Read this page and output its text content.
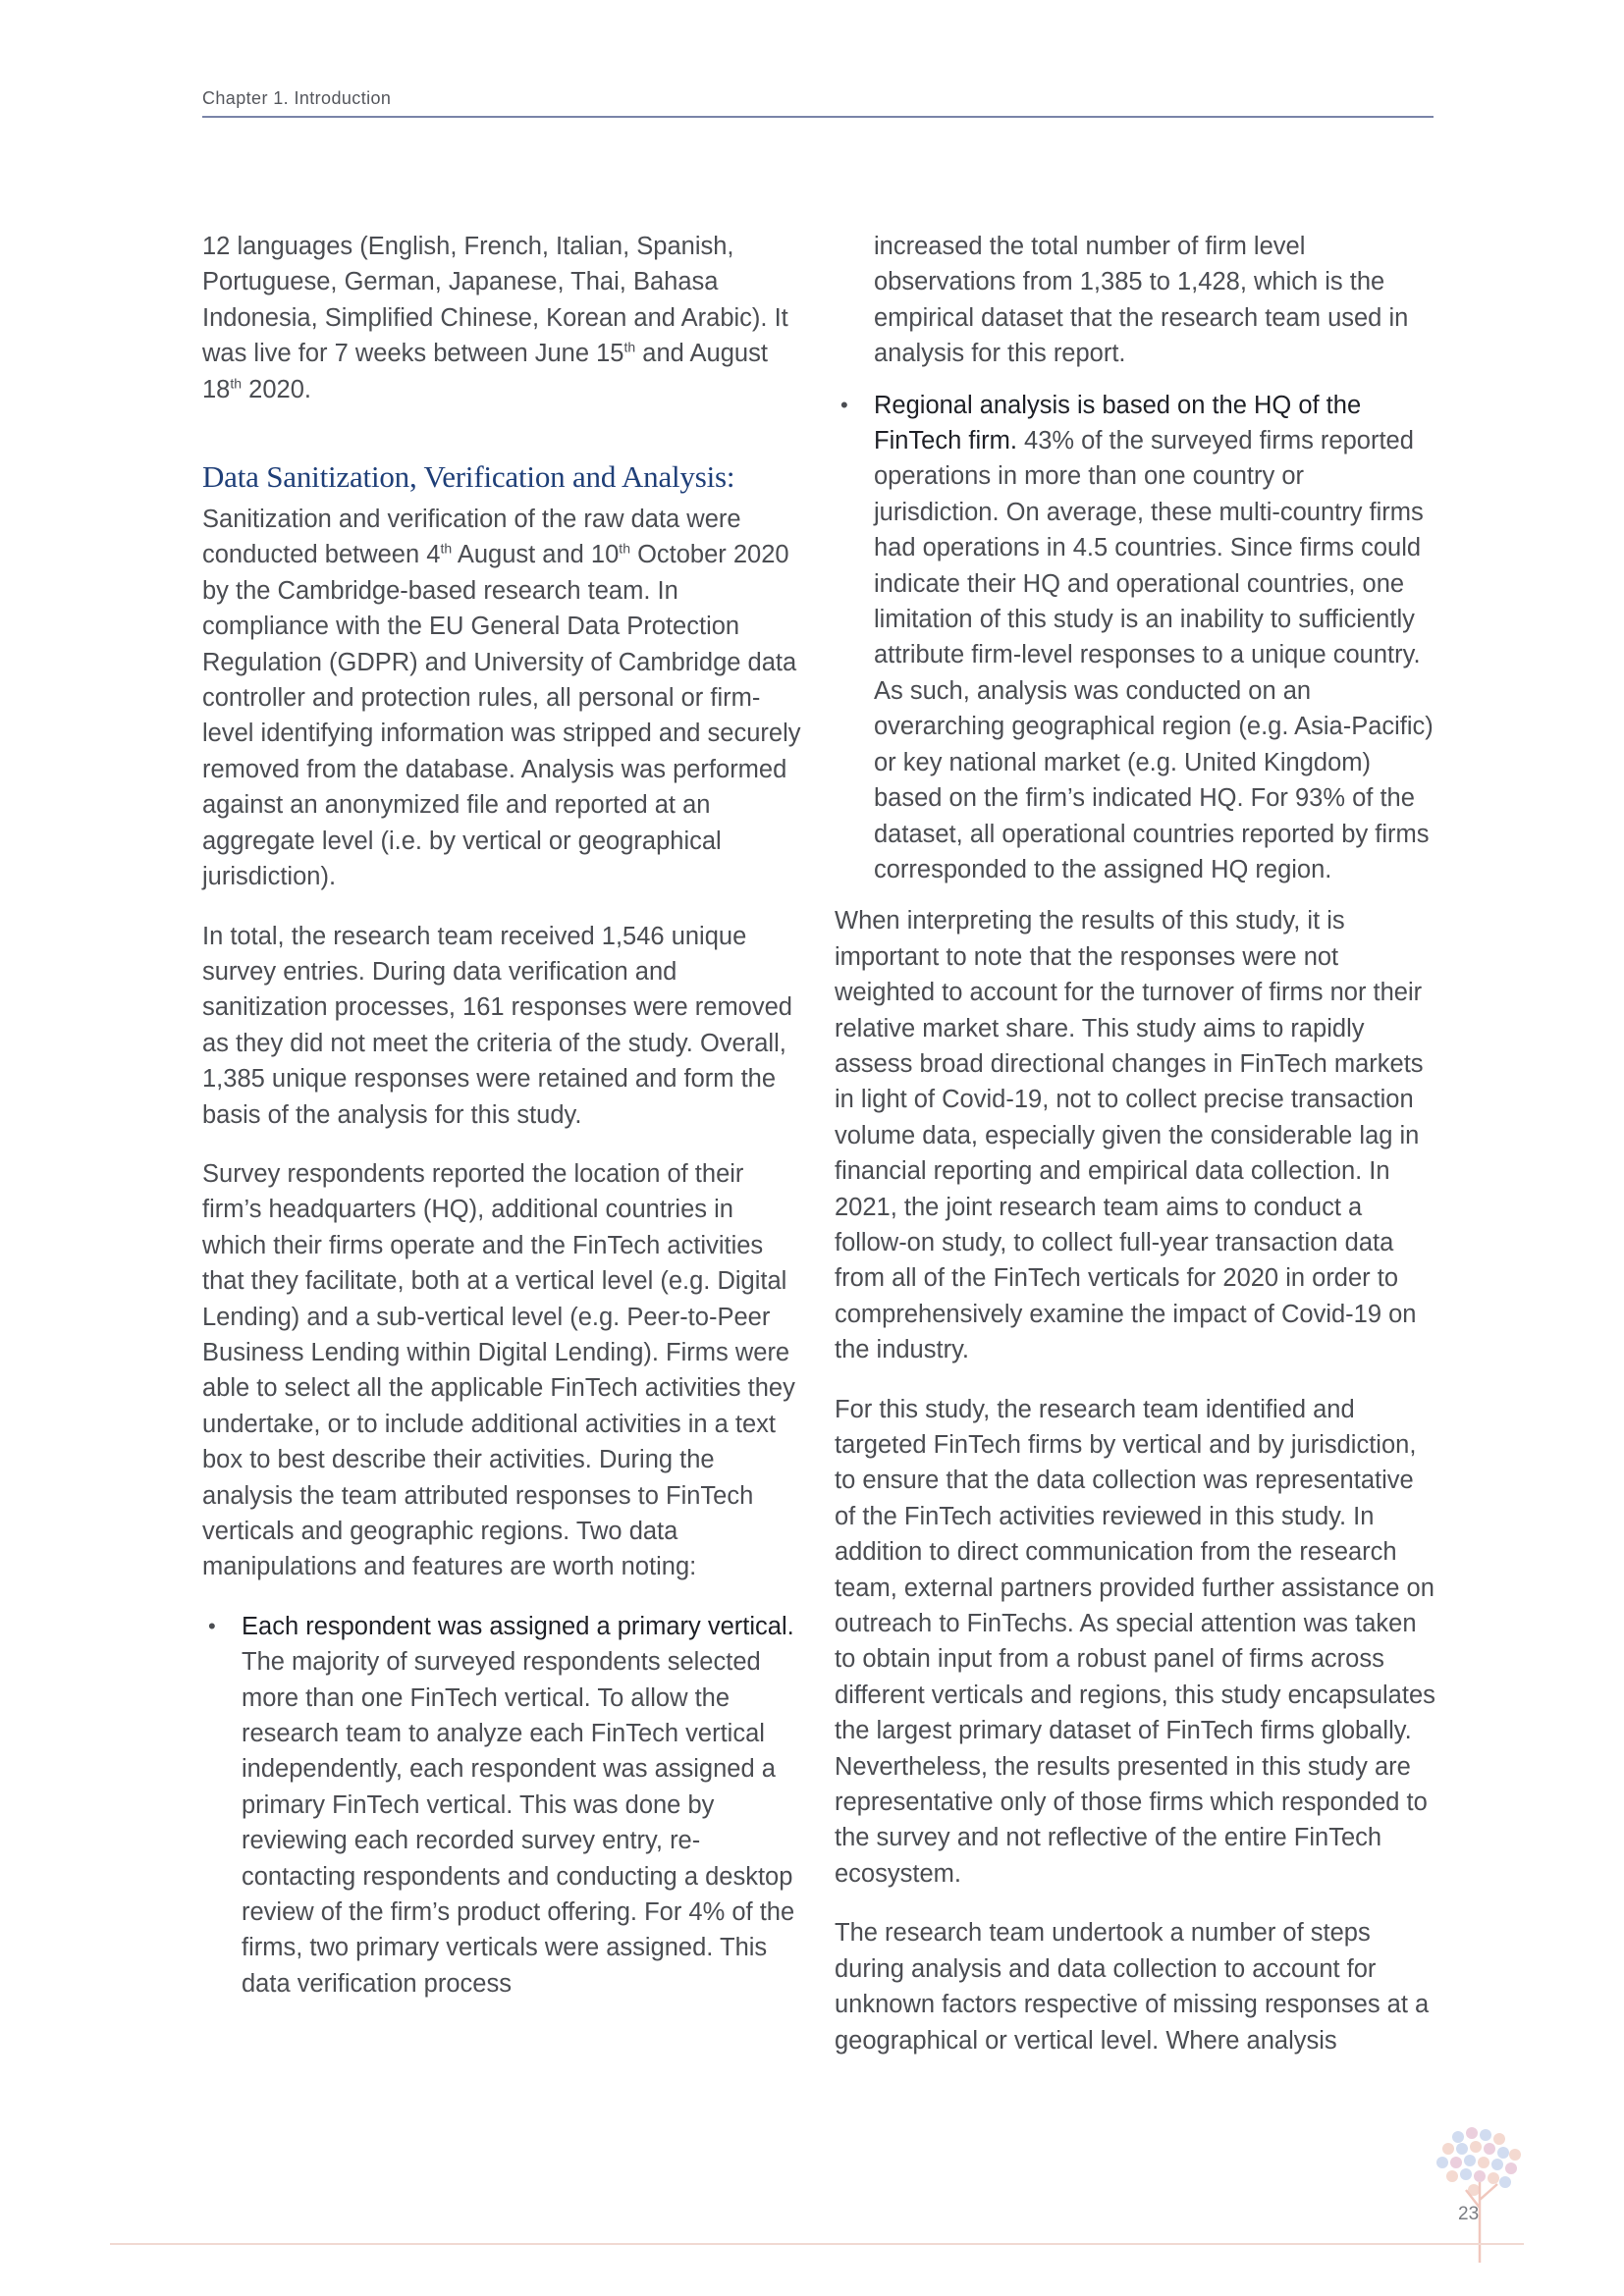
Chapter 1. Introduction

12 languages (English, French, Italian, Spanish, Portuguese, German, Japanese, Thai, Bahasa Indonesia, Simplified Chinese, Korean and Arabic). It was live for 7 weeks between June 15th and August 18th 2020.

Data Sanitization, Verification and Analysis:

Sanitization and verification of the raw data were conducted between 4th August and 10th October 2020 by the Cambridge-based research team. In compliance with the EU General Data Protection Regulation (GDPR) and University of Cambridge data controller and protection rules, all personal or firm-level identifying information was stripped and securely removed from the database. Analysis was performed against an anonymized file and reported at an aggregate level (i.e. by vertical or geographical jurisdiction).

In total, the research team received 1,546 unique survey entries. During data verification and sanitization processes, 161 responses were removed as they did not meet the criteria of the study. Overall, 1,385 unique responses were retained and form the basis of the analysis for this study.

Survey respondents reported the location of their firm’s headquarters (HQ), additional countries in which their firms operate and the FinTech activities that they facilitate, both at a vertical level (e.g. Digital Lending) and a sub-vertical level (e.g. Peer-to-Peer Business Lending within Digital Lending). Firms were able to select all the applicable FinTech activities they undertake, or to include additional activities in a text box to best describe their activities. During the analysis the team attributed responses to FinTech verticals and geographic regions. Two data manipulations and features are worth noting:

• Each respondent was assigned a primary vertical. The majority of surveyed respondents selected more than one FinTech vertical. To allow the research team to analyze each FinTech vertical independently, each respondent was assigned a primary FinTech vertical. This was done by reviewing each recorded survey entry, re-contacting respondents and conducting a desktop review of the firm’s product offering. For 4% of the firms, two primary verticals were assigned. This data verification process

increased the total number of firm level observations from 1,385 to 1,428, which is the empirical dataset that the research team used in analysis for this report.

• Regional analysis is based on the HQ of the FinTech firm. 43% of the surveyed firms reported operations in more than one country or jurisdiction. On average, these multi-country firms had operations in 4.5 countries. Since firms could indicate their HQ and operational countries, one limitation of this study is an inability to sufficiently attribute firm-level responses to a unique country. As such, analysis was conducted on an overarching geographical region (e.g. Asia-Pacific) or key national market (e.g. United Kingdom) based on the firm’s indicated HQ. For 93% of the dataset, all operational countries reported by firms corresponded to the assigned HQ region.

When interpreting the results of this study, it is important to note that the responses were not weighted to account for the turnover of firms nor their relative market share. This study aims to rapidly assess broad directional changes in FinTech markets in light of Covid-19, not to collect precise transaction volume data, especially given the considerable lag in financial reporting and empirical data collection. In 2021, the joint research team aims to conduct a follow-on study, to collect full-year transaction data from all of the FinTech verticals for 2020 in order to comprehensively examine the impact of Covid-19 on the industry.

For this study, the research team identified and targeted FinTech firms by vertical and by jurisdiction, to ensure that the data collection was representative of the FinTech activities reviewed in this study. In addition to direct communication from the research team, external partners provided further assistance on outreach to FinTechs. As special attention was taken to obtain input from a robust panel of firms across different verticals and regions, this study encapsulates the largest primary dataset of FinTech firms globally. Nevertheless, the results presented in this study are representative only of those firms which responded to the survey and not reflective of the entire FinTech ecosystem.

The research team undertook a number of steps during analysis and data collection to account for unknown factors respective of missing responses at a geographical or vertical level. Where analysis

23
